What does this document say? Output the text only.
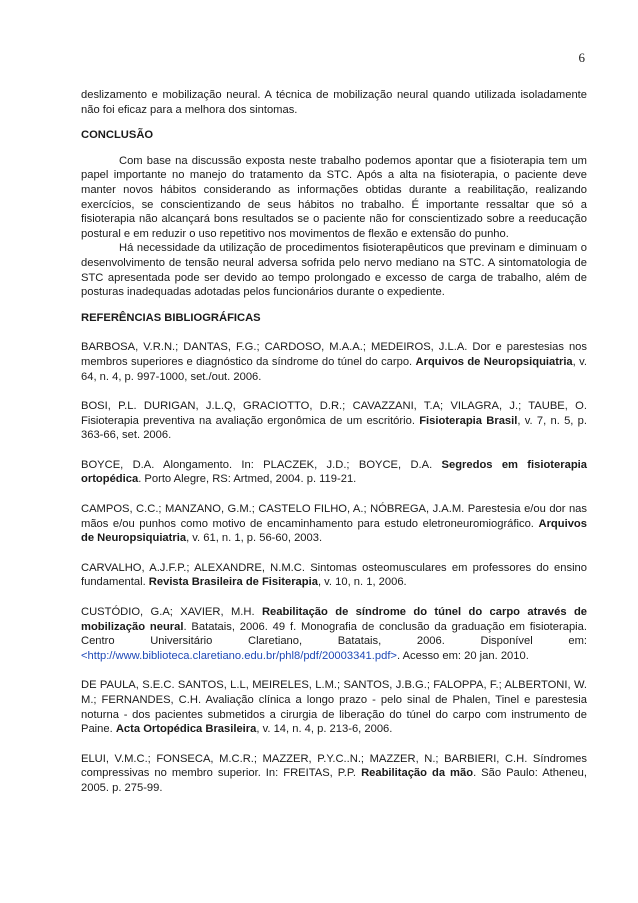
6

deslizamento e mobilização neural. A técnica de mobilização neural quando utilizada isoladamente não foi eficaz para a melhora dos sintomas.

CONCLUSÃO

Com base na discussão exposta neste trabalho podemos apontar que a fisioterapia tem um papel importante no manejo do tratamento da STC. Após a alta na fisioterapia, o paciente deve manter novos hábitos considerando as informações obtidas durante a reabilitação, realizando exercícios, se conscientizando de seus hábitos no trabalho. É importante ressaltar que só a fisioterapia não alcançará bons resultados se o paciente não for conscientizado sobre a reeducação postural e em reduzir o uso repetitivo nos movimentos de flexão e extensão do punho.

Há necessidade da utilização de procedimentos fisioterapêuticos que previnam e diminuam o desenvolvimento de tensão neural adversa sofrida pelo nervo mediano na STC. A sintomatologia de STC apresentada pode ser devido ao tempo prolongado e excesso de carga de trabalho, além de posturas inadequadas adotadas pelos funcionários durante o expediente.

REFERÊNCIAS BIBLIOGRÁFICAS

BARBOSA, V.R.N.; DANTAS, F.G.; CARDOSO, M.A.A.; MEDEIROS, J.L.A. Dor e parestesias nos membros superiores e diagnóstico da síndrome do túnel do carpo. Arquivos de Neuropsiquiatria, v. 64, n. 4, p. 997-1000, set./out. 2006.

BOSI, P.L. DURIGAN, J.L.Q, GRACIOTTO, D.R.; CAVAZZANI, T.A; VILAGRA, J.; TAUBE, O. Fisioterapia preventiva na avaliação ergonômica de um escritório. Fisioterapia Brasil, v. 7, n. 5, p. 363-66, set. 2006.

BOYCE, D.A. Alongamento. In: PLACZEK, J.D.; BOYCE, D.A. Segredos em fisioterapia ortopédica. Porto Alegre, RS: Artmed, 2004. p. 119-21.

CAMPOS, C.C.; MANZANO, G.M.; CASTELO FILHO, A.; NÓBREGA, J.A.M. Parestesia e/ou dor nas mãos e/ou punhos como motivo de encaminhamento para estudo eletroneuromiográfico. Arquivos de Neuropsiquiatria, v. 61, n. 1, p. 56-60, 2003.

CARVALHO, A.J.F.P.; ALEXANDRE, N.M.C. Sintomas osteomusculares em professores do ensino fundamental. Revista Brasileira de Fisiterapia, v. 10, n. 1, 2006.

CUSTÓDIO, G.A; XAVIER, M.H. Reabilitação de síndrome do túnel do carpo através de mobilização neural. Batatais, 2006. 49 f. Monografia de conclusão da graduação em fisioterapia. Centro Universitário Claretiano, Batatais, 2006. Disponível em: <http://www.biblioteca.claretiano.edu.br/phl8/pdf/20003341.pdf>. Acesso em: 20 jan. 2010.

DE PAULA, S.E.C. SANTOS, L.L, MEIRELES, L.M.; SANTOS, J.B.G.; FALOPPA, F.; ALBERTONI, W. M.; FERNANDES, C.H. Avaliação clínica a longo prazo - pelo sinal de Phalen, Tinel e parestesia noturna - dos pacientes submetidos a cirurgia de liberação do túnel do carpo com instrumento de Paine. Acta Ortopédica Brasileira, v. 14, n. 4, p. 213-6, 2006.

ELUI, V.M.C.; FONSECA, M.C.R.; MAZZER, P.Y.C..N.; MAZZER, N.; BARBIERI, C.H. Síndromes compressivas no membro superior. In: FREITAS, P.P. Reabilitação da mão. São Paulo: Atheneu, 2005. p. 275-99.
